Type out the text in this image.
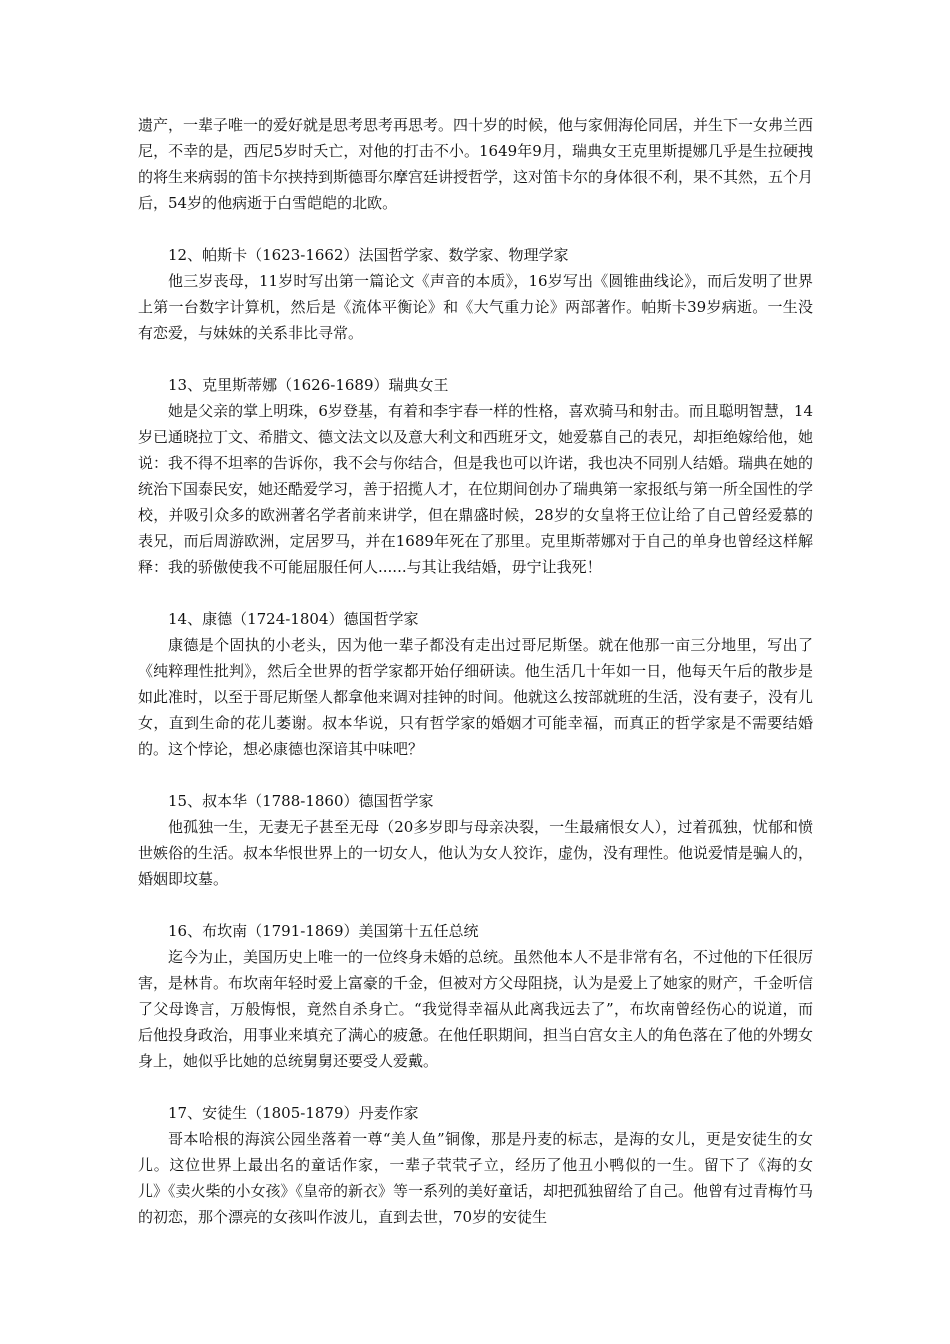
遗产，一辈子唯一的爱好就是思考思考再思考。四十岁的时候，他与家佣海伦同居，并生下一女弗兰西尼，不幸的是，西尼5岁时夭亡，对他的打击不小。1649年9月，瑞典女王克里斯提娜几乎是生拉硬拽的将生来病弱的笛卡尔挟持到斯德哥尔摩宫廷讲授哲学，这对笛卡尔的身体很不利，果不其然，五个月后，54岁的他病逝于白雪皑皑的北欧。

12、帕斯卡（1623-1662）法国哲学家、数学家、物理学家

他三岁丧母，11岁时写出第一篇论文《声音的本质》，16岁写出《圆锥曲线论》，而后发明了世界上第一台数字计算机，然后是《流体平衡论》和《大气重力论》两部著作。帕斯卡39岁病逝。一生没有恋爱，与妹妹的关系非比寻常。

13、克里斯蒂娜（1626-1689）瑞典女王

她是父亲的掌上明珠，6岁登基，有着和李宇春一样的性格，喜欢骑马和射击。而且聪明智慧，14岁已通晓拉丁文、希腊文、德文法文以及意大利文和西班牙文，她爱慕自己的表兄，却拒绝嫁给他，她说：我不得不坦率的告诉你，我不会与你结合，但是我也可以许诺，我也决不同别人结婚。瑞典在她的统治下国泰民安，她还酷爱学习，善于招揽人才，在位期间创办了瑞典第一家报纸与第一所全国性的学校，并吸引众多的欧洲著名学者前来讲学，但在鼎盛时候，28岁的女皇将王位让给了自己曾经爱慕的表兄，而后周游欧洲，定居罗马，并在1689年死在了那里。克里斯蒂娜对于自己的单身也曾经这样解释：我的骄傲使我不可能屈服任何人......与其让我结婚，毋宁让我死！

14、康德（1724-1804）德国哲学家

康德是个固执的小老头，因为他一辈子都没有走出过哥尼斯堡。就在他那一亩三分地里，写出了《纯粹理性批判》，然后全世界的哲学家都开始仔细研读。他生活几十年如一日，他每天午后的散步是如此准时，以至于哥尼斯堡人都拿他来调对挂钟的时间。他就这么按部就班的生活，没有妻子，没有儿女，直到生命的花儿萎谢。叔本华说，只有哲学家的婚姻才可能幸福，而真正的哲学家是不需要结婚的。这个悖论，想必康德也深谙其中味吧？

15、叔本华（1788-1860）德国哲学家

他孤独一生，无妻无子甚至无母（20多岁即与母亲决裂，一生最痛恨女人），过着孤独，忧郁和愤世嫉俗的生活。叔本华恨世界上的一切女人，他认为女人狡诈，虚伪，没有理性。他说爱情是骗人的，婚姻即坟墓。

16、布坎南（1791-1869）美国第十五任总统

迄今为止，美国历史上唯一的一位终身未婚的总统。虽然他本人不是非常有名，不过他的下任很厉害，是林肯。布坎南年轻时爱上富豪的千金，但被对方父母阻挠，认为是爱上了她家的财产，千金听信了父母谗言，万般悔恨，竟然自杀身亡。“我觉得幸福从此离我远去了”，布坎南曾经伤心的说道，而后他投身政治，用事业来填充了满心的疲惫。在他任职期间，担当白宫女主人的角色落在了他的外甥女身上，她似乎比她的总统舅舅还要受人爱戴。

17、安徒生（1805-1879）丹麦作家

哥本哈根的海滨公园坐落着一尊“美人鱼”铜像，那是丹麦的标志，是海的女儿，更是安徒生的女儿。这位世界上最出名的童话作家，一辈子茕茕孑立，经历了他丑小鸭似的一生。留下了《海的女儿》《卖火柴的小女孩》《皇帝的新衣》等一系列的美好童话，却把孤独留给了自己。他曾有过青梅竹马的初恋，那个漂亮的女孩叫作波儿，直到去世，70岁的安徒生
